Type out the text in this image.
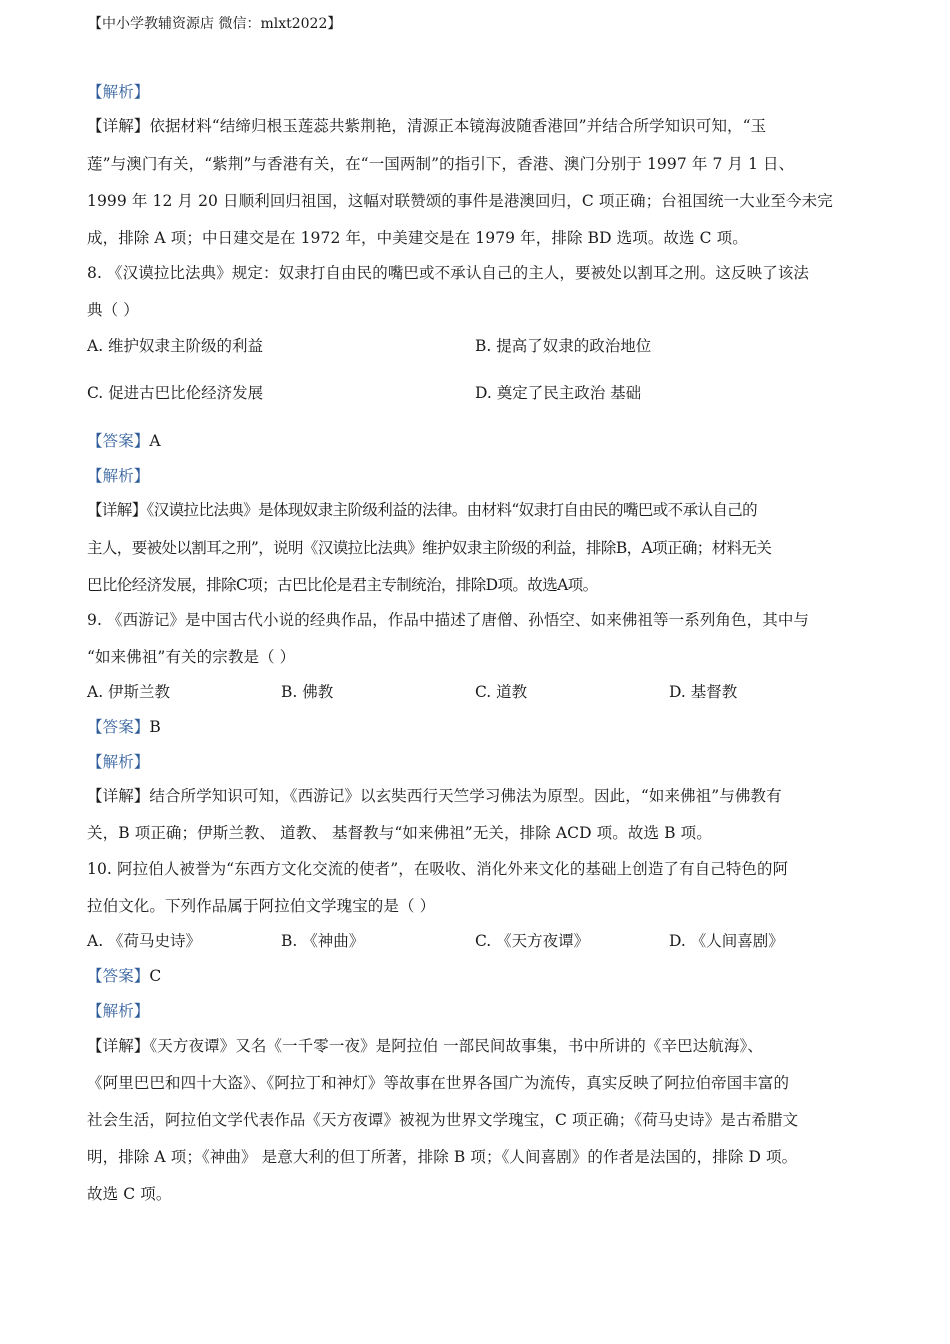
【中小学教辅资源店 微信：mlxt2022】
【解析】
【详解】依据材料“结缔归根玉莲蕊共紫荆艳，清源正本镜海波随香港回”并结合所学知识可知，“玉
莲”与澳门有关，“紫荆”与香港有关，在“一国两制”的指引下，香港、澳门分别于 1997 年 7 月 1 日、
1999 年 12 月 20 日顺利回归祖国，这幅对联赞颂的事件是港澳回归，C 项正确；台祖国统一大业至今未完
成，排除 A 项；中日建交是在 1972 年，中美建交是在 1979 年，排除 BD 选项。故选 C 项。
8. 《汉谟拉比法典》规定：奴隶打自由民的嘴巴或不承认自己的主人，要被处以割耳之刑。这反映了该法
典（ ）
A. 维护奴隶主阶级的利益	B. 提高了奴隶的政治地位
C. 促进古巴比伦经济发展	D. 奠定了民主政治 基础
【答案】A
【解析】
【详解】《汉谟拉比法典》是体现奴隶主阶级利益的法律。由材料“奴隶打自由民的嘴巴或不承认自己的
主人，要被处以割耳之刑”，说明《汉谟拉比法典》维护奴隶主阶级的利益，排除B，A项正确；材料无关
巴比伦经济发展，排除C项；古巴比伦是君主专制统治，排除D项。故选A项。
9. 《西游记》是中国古代小说的经典作品，作品中描述了唐僧、孙悟空、如来佛祖等一系列角色，其中与
“如来佛祖”有关的宗教是（ ）
A. 伊斯兰教	B. 佛教	C. 道教	D. 基督教
【答案】B
【解析】
【详解】结合所学知识可知，《西游记》以玄奘西行天竺学习佛法为原型。因此，“如来佛祖”与佛教有
关，B 项正确；伊斯兰教、 道教、 基督教与“如来佛祖”无关，排除 ACD 项。故选 B 项。
10. 阿拉伯人被誉为“东西方文化交流的使者”，在吸收、消化外来文化的基础上创造了有自己特色的阿
拉伯文化。下列作品属于阿拉伯文学瑰宝的是（ ）
A. 《荷马史诗》	B. 《神曲》	C. 《天方夜谭》	D. 《人间喜剧》
【答案】C
【解析】
【详解】《天方夜谭》又名《一千零一夜》是阿拉伯 一部民间故事集，书中所讲的《辛巴达航海》、
《阿里巴巴和四十大盗》、《阿拉丁和神灯》等故事在世界各国广为流传，真实反映了阿拉伯帝国丰富的
社会生活，阿拉伯文学代表作品《天方夜谭》被视为世界文学瑰宝，C 项正确；《荷马史诗》是古希腊文
明，排除 A 项；《神曲》 是意大利的但丁所著，排除 B 项；《人间喜剧》的作者是法国的，排除 D 项。
故选 C 项。
